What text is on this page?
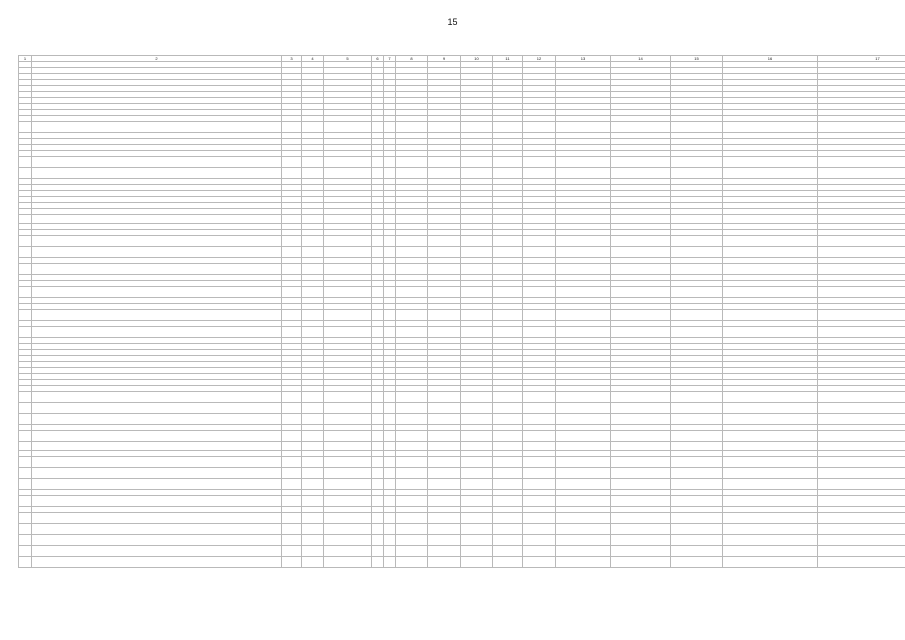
15
1	2	3	4	5	6	7	8	9	10	11	12	13	14	15	16	17
